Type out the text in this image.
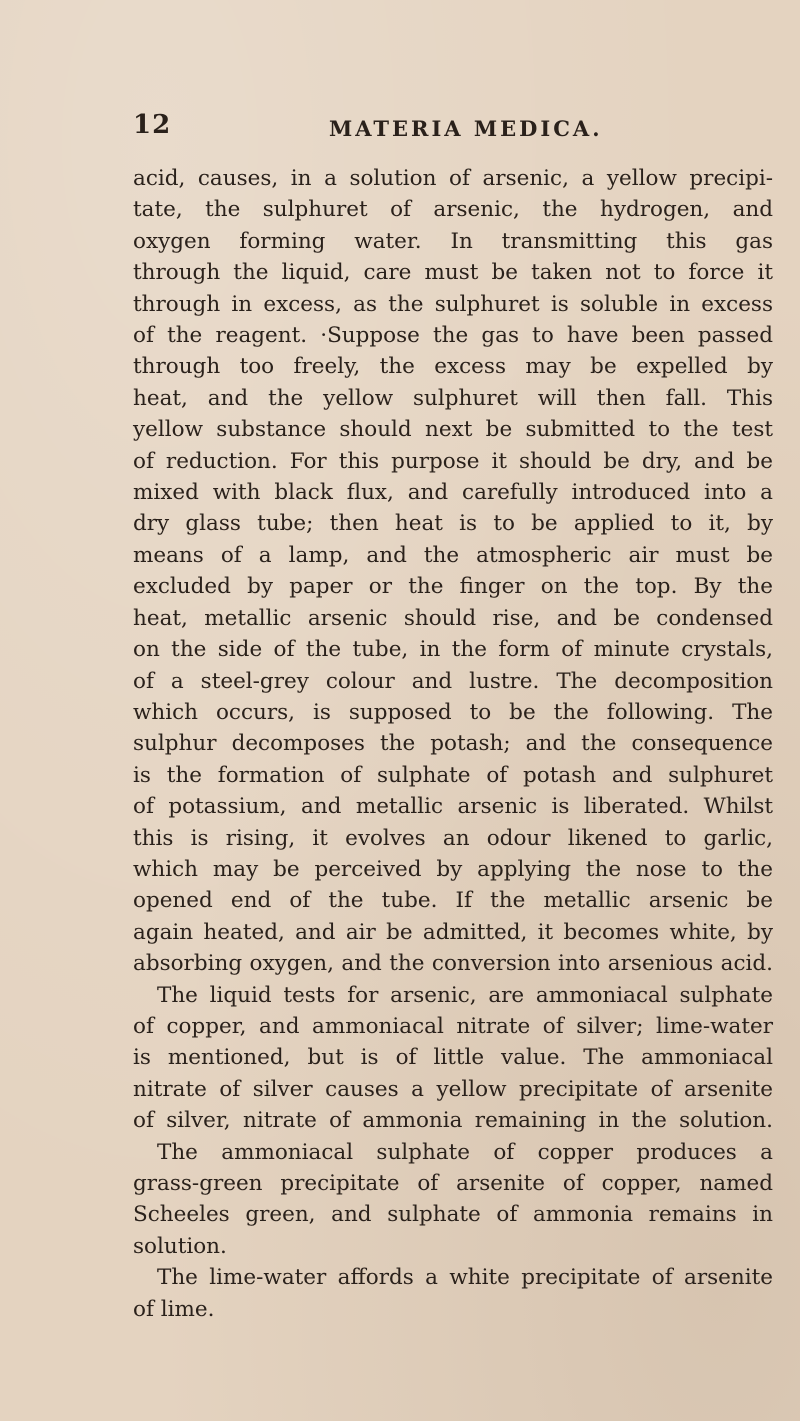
12	MATERIA MEDICA.
acid, causes, in a solution of arsenic, a yellow precipi-
tate, the sulphuret of arsenic, the hydrogen, and
oxygen forming water. In transmitting this gas
through the liquid, care must be taken not to force it
through in excess, as the sulphuret is soluble in excess
of the reagent. ·Suppose the gas to have been passed
through too freely, the excess may be expelled by
heat, and the yellow sulphuret will then fall. This
yellow substance should next be submitted to the test
of reduction. For this purpose it should be dry, and be
mixed with black flux, and carefully introduced into a
dry glass tube; then heat is to be applied to it, by
means of a lamp, and the atmospheric air must be
excluded by paper or the finger on the top. By the
heat, metallic arsenic should rise, and be condensed
on the side of the tube, in the form of minute crystals,
of a steel-grey colour and lustre. The decomposition
which occurs, is supposed to be the following. The
sulphur decomposes the potash; and the consequence
is the formation of sulphate of potash and sulphuret
of potassium, and metallic arsenic is liberated. Whilst
this is rising, it evolves an odour likened to garlic,
which may be perceived by applying the nose to the
opened end of the tube. If the metallic arsenic be
again heated, and air be admitted, it becomes white, by
absorbing oxygen, and the conversion into arsenious acid.
The liquid tests for arsenic, are ammoniacal sulphate
of copper, and ammoniacal nitrate of silver; lime-water
is mentioned, but is of little value. The ammoniacal
nitrate of silver causes a yellow precipitate of arsenite
of silver, nitrate of ammonia remaining in the solution.
The ammoniacal sulphate of copper produces a
grass-green precipitate of arsenite of copper, named
Scheeles green, and sulphate of ammonia remains in
solution.
The lime-water affords a white precipitate of arsenite
of lime.
